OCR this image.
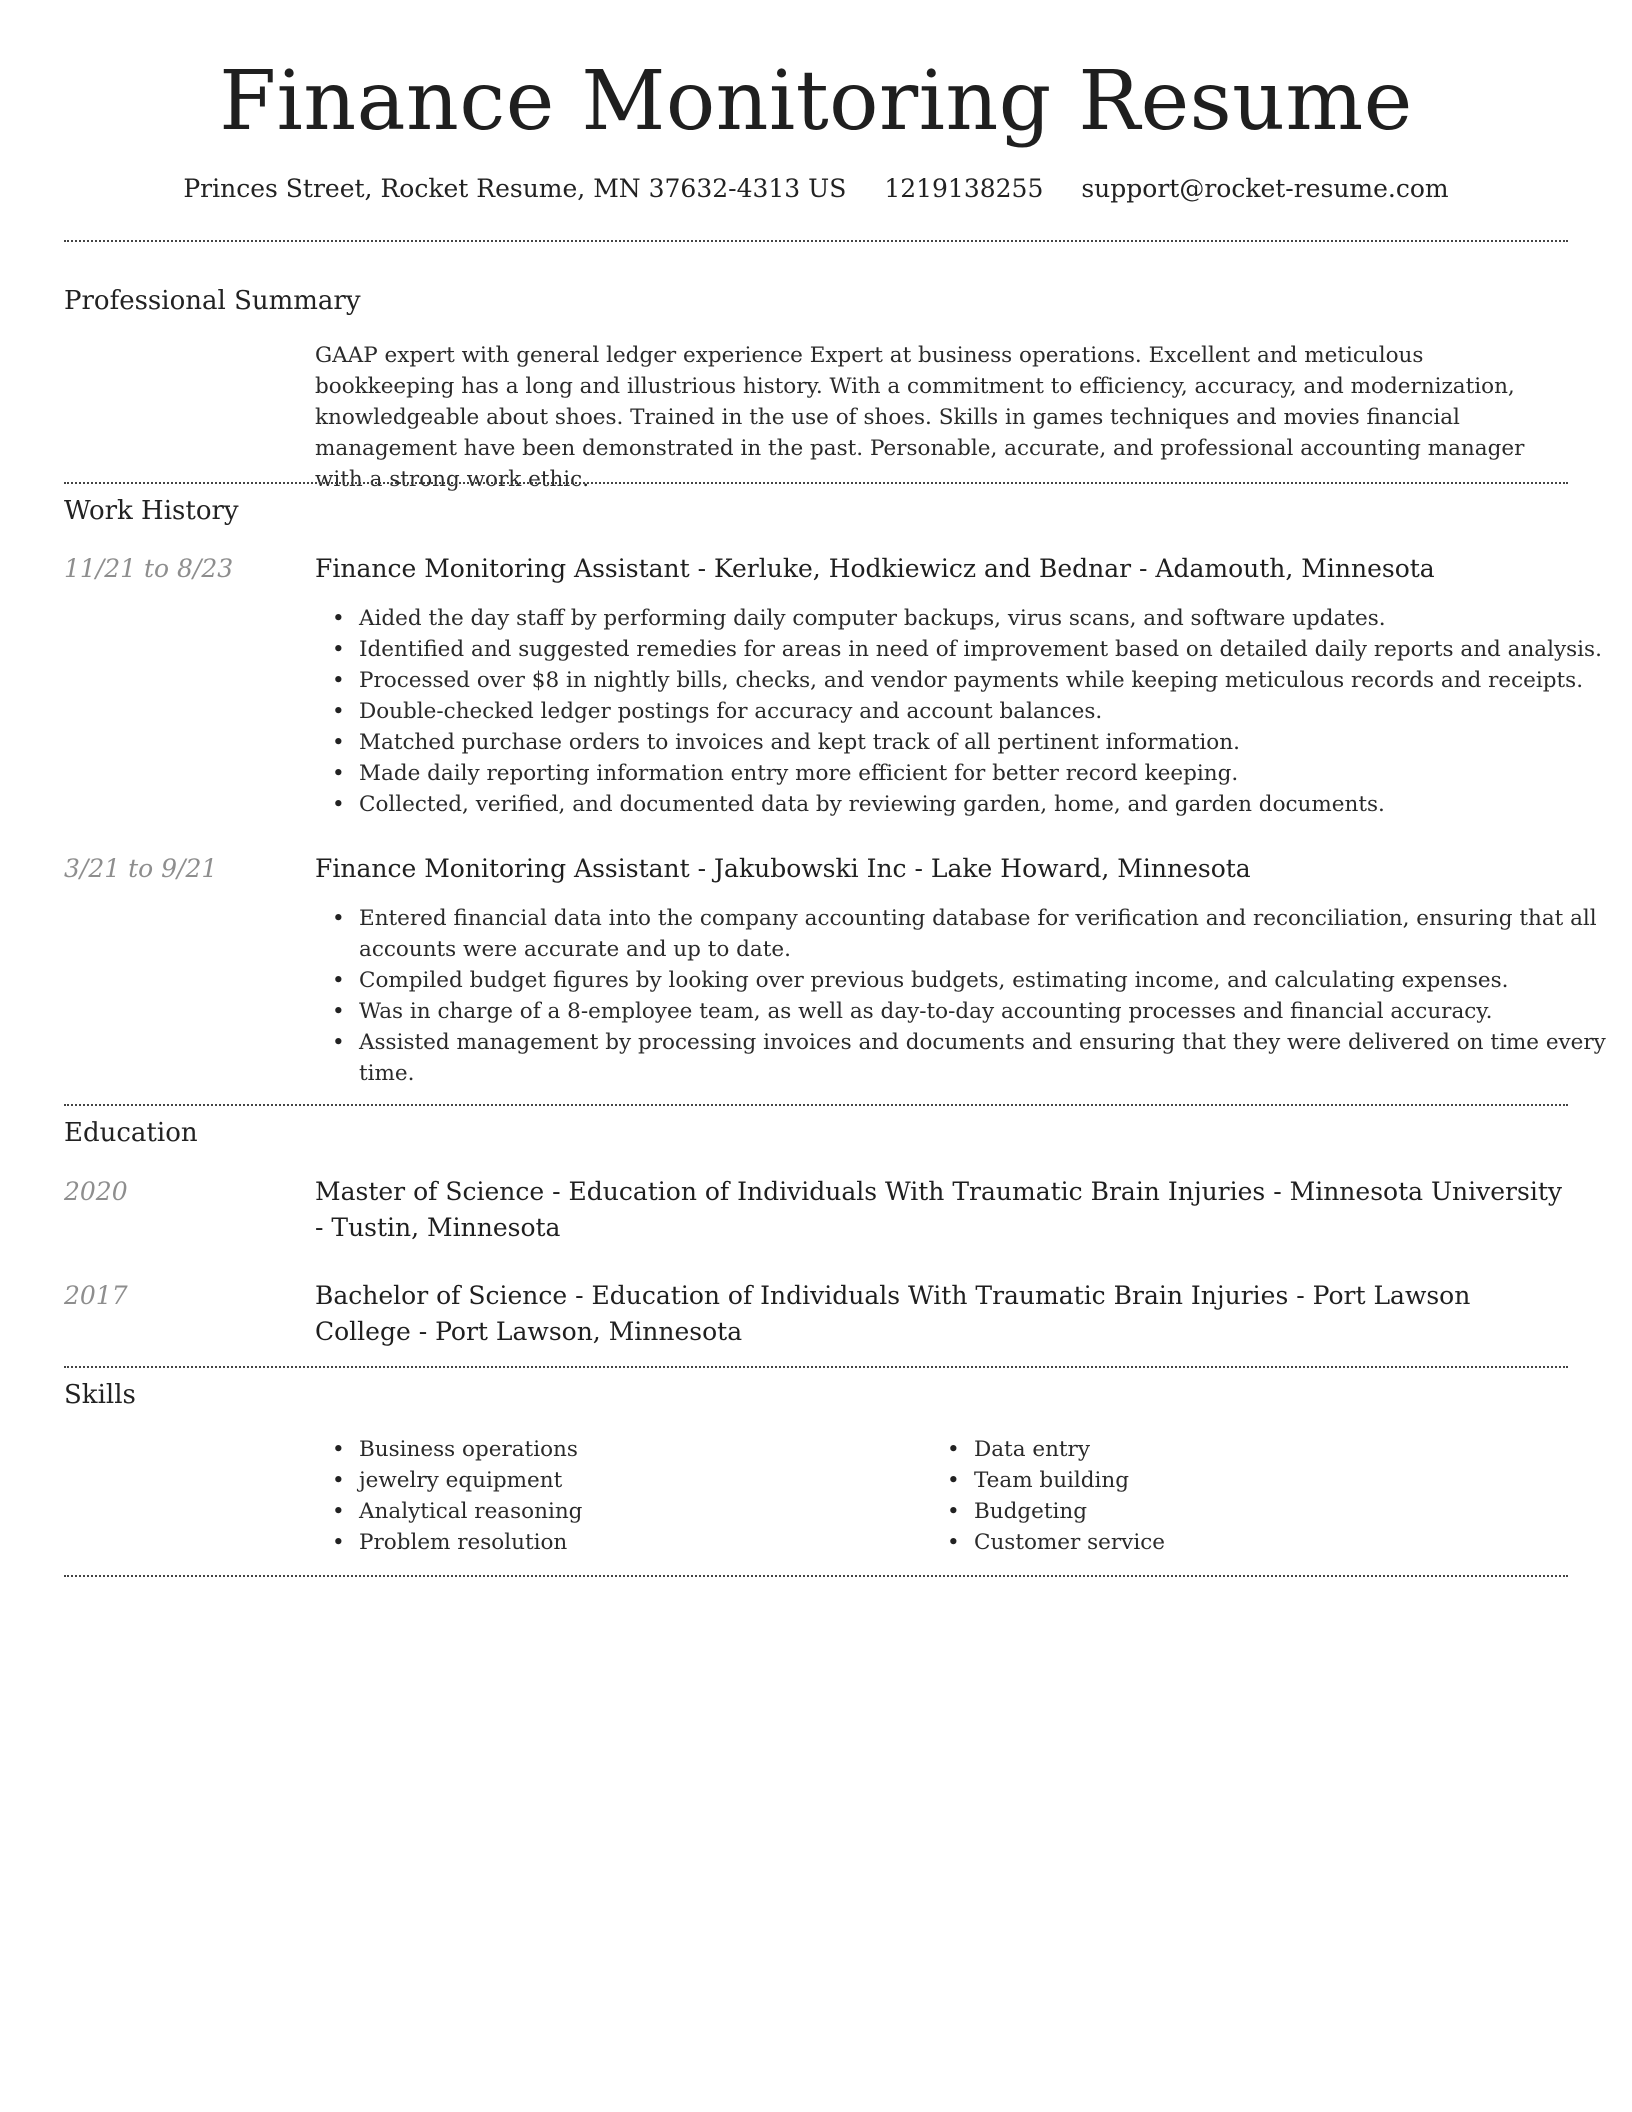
Finance Monitoring Resume
Princes Street, Rocket Resume, MN 37632-4313 US 1219138255 support@rocket-resume.com
Professional Summary
GAAP expert with general ledger experience Expert at business operations. Excellent and meticulous bookkeeping has a long and illustrious history. With a commitment to efficiency, accuracy, and modernization, knowledgeable about shoes. Trained in the use of shoes. Skills in games techniques and movies financial management have been demonstrated in the past. Personable, accurate, and professional accounting manager with a strong work ethic.
Work History
11/21 to 8/23	Finance Monitoring Assistant - Kerluke, Hodkiewicz and Bednar - Adamouth, Minnesota
• Aided the day staff by performing daily computer backups, virus scans, and software updates.
• Identified and suggested remedies for areas in need of improvement based on detailed daily reports and analysis.
• Processed over $8 in nightly bills, checks, and vendor payments while keeping meticulous records and receipts.
• Double-checked ledger postings for accuracy and account balances.
• Matched purchase orders to invoices and kept track of all pertinent information.
• Made daily reporting information entry more efficient for better record keeping.
• Collected, verified, and documented data by reviewing garden, home, and garden documents.
3/21 to 9/21	Finance Monitoring Assistant - Jakubowski Inc - Lake Howard, Minnesota
• Entered financial data into the company accounting database for verification and reconciliation, ensuring that all accounts were accurate and up to date.
• Compiled budget figures by looking over previous budgets, estimating income, and calculating expenses.
• Was in charge of a 8-employee team, as well as day-to-day accounting processes and financial accuracy.
• Assisted management by processing invoices and documents and ensuring that they were delivered on time every time.
Education
2020	Master of Science - Education of Individuals With Traumatic Brain Injuries - Minnesota University - Tustin, Minnesota
2017	Bachelor of Science - Education of Individuals With Traumatic Brain Injuries - Port Lawson College - Port Lawson, Minnesota
Skills
• Business operations
• jewelry equipment
• Analytical reasoning
• Problem resolution
• Data entry
• Team building
• Budgeting
• Customer service
